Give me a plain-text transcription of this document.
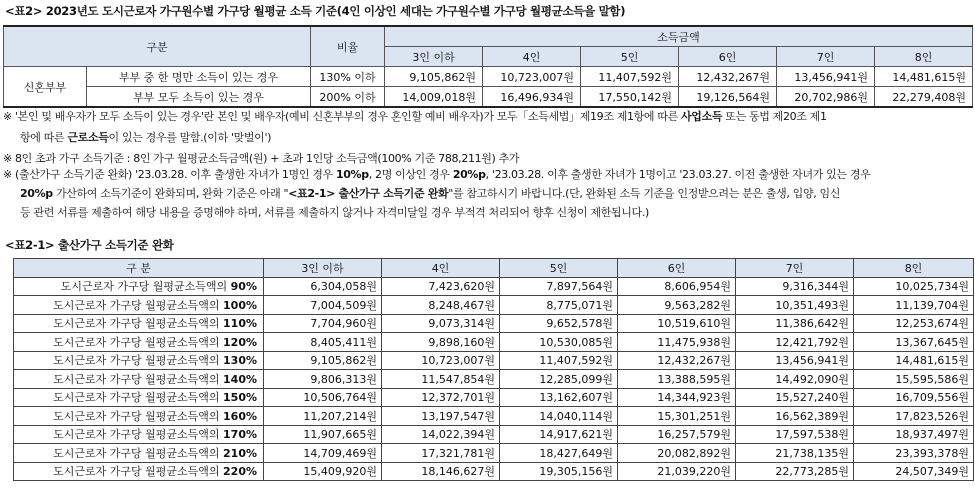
<표2> 2023년도 도시근로자 가구원수별 가구당 월평균 소득 기준(4인 이상인 세대는 가구원수별 가구당 월평균소득을 말함)
구분		비율	소득금액					
			3인 이하	4인	5인	6인	7인	8인
신혼부부	부부 중 한 명만 소득이 있는 경우	130% 이하	9,105,862원	10,723,007원	11,407,592원	12,432,267원	13,456,941원	14,481,615원
	부부 모두 소득이 있는 경우	200% 이하	14,009,018원	16,496,934원	17,550,142원	19,126,564원	20,702,986원	22,279,408원
※ '본인 및 배우자가 모두 소득이 있는 경우'란 본인 및 배우자(예비 신혼부부의 경우 혼인할 예비 배우자)가 모두「소득세법」제19조 제1항에 따른 사업소득 또는 동법 제20조 제1
항에 따른 근로소득이 있는 경우를 말함.(이하 '맞벌이')
※ 8인 초과 가구 소득기준 : 8인 가구 월평균소득금액(원) + 초과 1인당 소득금액(100% 기준 788,211원) 추가
※ (출산가구 소득기준 완화) '23.03.28. 이후 출생한 자녀가 1명인 경우 10%p, 2명 이상인 경우 20%p, '23.03.28. 이후 출생한 자녀가 1명이고 '23.03.27. 이전 출생한 자녀가 있는 경우
20%p 가산하여 소득기준이 완화되며, 완화 기준은 아래 "<표2-1> 출산가구 소득기준 완화"를 참고하시기 바랍니다.(단, 완화된 소득 기준을 인정받으려는 분은 출생, 입양, 임신
등 관련 서류를 제출하여 해당 내용을 증명해야 하며, 서류를 제출하지 않거나 자격미달일 경우 부적격 처리되어 향후 신청이 제한됩니다.)
<표2-1> 출산가구 소득기준 완화
구 분	3인 이하	4인	5인	6인	7인	8인
도시근로자 가구당 월평균소득액의 90%	6,304,058원	7,423,620원	7,897,564원	8,606,954원	9,316,344원	10,025,734원
도시근로자 가구당 월평균소득액의 100%	7,004,509원	8,248,467원	8,775,071원	9,563,282원	10,351,493원	11,139,704원
도시근로자 가구당 월평균소득액의 110%	7,704,960원	9,073,314원	9,652,578원	10,519,610원	11,386,642원	12,253,674원
도시근로자 가구당 월평균소득액의 120%	8,405,411원	9,898,160원	10,530,085원	11,475,938원	12,421,792원	13,367,645원
도시근로자 가구당 월평균소득액의 130%	9,105,862원	10,723,007원	11,407,592원	12,432,267원	13,456,941원	14,481,615원
도시근로자 가구당 월평균소득액의 140%	9,806,313원	11,547,854원	12,285,099원	13,388,595원	14,492,090원	15,595,586원
도시근로자 가구당 월평균소득액의 150%	10,506,764원	12,372,701원	13,162,607원	14,344,923원	15,527,240원	16,709,556원
도시근로자 가구당 월평균소득액의 160%	11,207,214원	13,197,547원	14,040,114원	15,301,251원	16,562,389원	17,823,526원
도시근로자 가구당 월평균소득액의 170%	11,907,665원	14,022,394원	14,917,621원	16,257,579원	17,597,538원	18,937,497원
도시근로자 가구당 월평균소득액의 210%	14,709,469원	17,321,781원	18,427,649원	20,082,892원	21,738,135원	23,393,378원
도시근로자 가구당 월평균소득액의 220%	15,409,920원	18,146,627원	19,305,156원	21,039,220원	22,773,285원	24,507,349원
